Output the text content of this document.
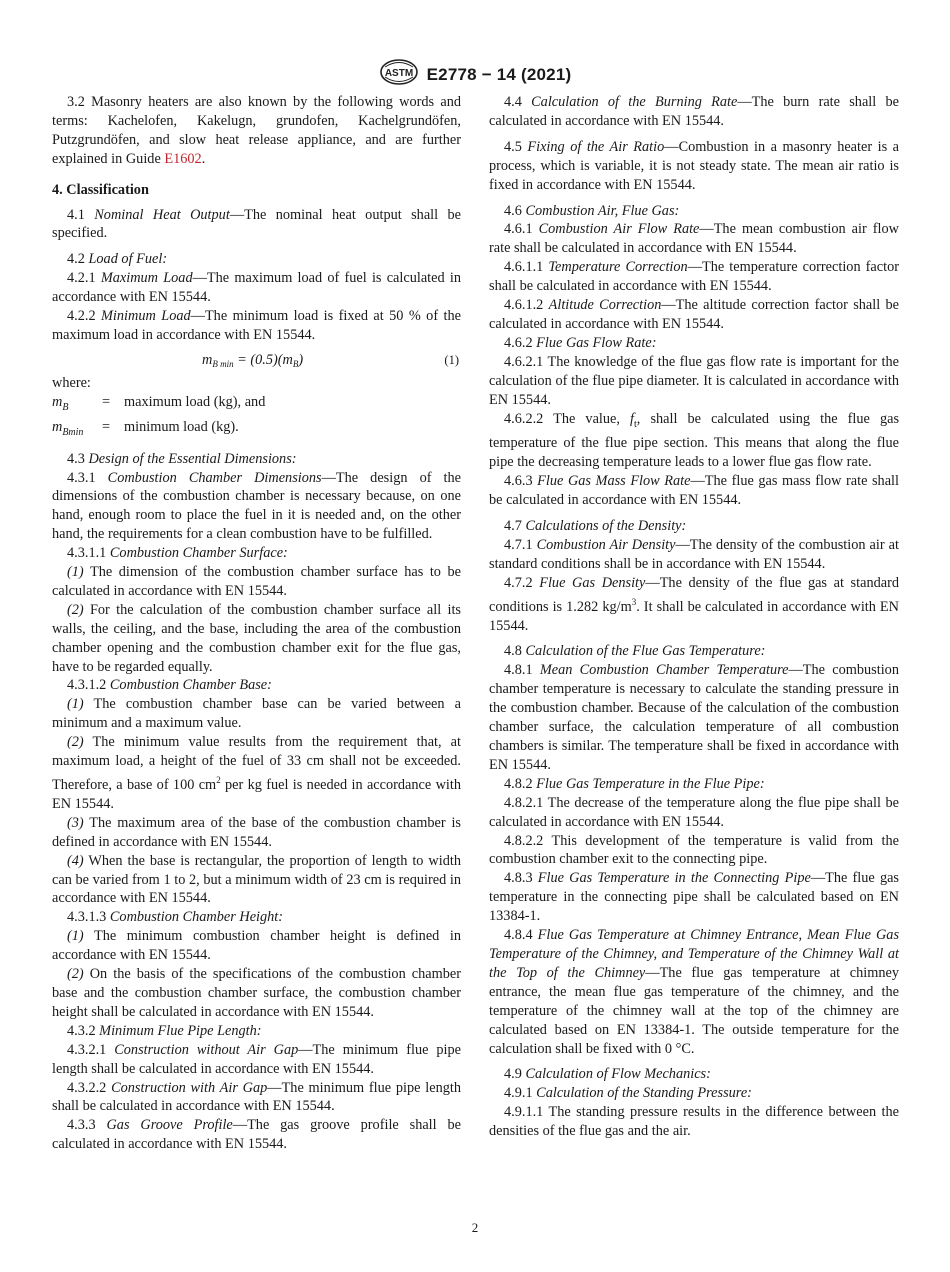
ASTM E2778 − 14 (2021)

3.2 Masonry heaters are also known by the following words and terms: Kachelofen, Kakelugn, grundofen, Kachelgrundöfen, Putzgrundöfen, and slow heat release appliance, and are further explained in Guide E1602.

4. Classification

4.1 Nominal Heat Output—The nominal heat output shall be specified.

4.2 Load of Fuel:

4.2.1 Maximum Load—The maximum load of fuel is calculated in accordance with EN 15544.

4.2.2 Minimum Load—The minimum load is fixed at 50 % of the maximum load in accordance with EN 15544.

$m_{B min} = (0.5)(m_B)$	(1)

where:

$m_B$	= maximum load (kg), and
$m_{Bmin}$	= minimum load (kg).

4.3 Design of the Essential Dimensions:

4.3.1 Combustion Chamber Dimensions—The design of the dimensions of the combustion chamber is necessary because, on one hand, enough room to place the fuel in it is needed and, on the other hand, the requirements for a clean combustion have to be fulfilled.

4.3.1.1 Combustion Chamber Surface:

(1) The dimension of the combustion chamber surface has to be calculated in accordance with EN 15544.

(2) For the calculation of the combustion chamber surface all its walls, the ceiling, and the base, including the area of the combustion chamber opening and the combustion chamber exit for the flue gas, have to be regarded equally.

4.3.1.2 Combustion Chamber Base:

(1) The combustion chamber base can be varied between a minimum and a maximum value.

(2) The minimum value results from the requirement that, at maximum load, a height of the fuel of 33 cm shall not be exceeded. Therefore, a base of 100 $cm^2$ per kg fuel is needed in accordance with EN 15544.

(3) The maximum area of the base of the combustion chamber is defined in accordance with EN 15544.

(4) When the base is rectangular, the proportion of length to width can be varied from 1 to 2, but a minimum width of 23 cm is required in accordance with EN 15544.

4.3.1.3 Combustion Chamber Height:

(1) The minimum combustion chamber height is defined in accordance with EN 15544.

(2) On the basis of the specifications of the combustion chamber base and the combustion chamber surface, the combustion chamber height shall be calculated in accordance with EN 15544.

4.3.2 Minimum Flue Pipe Length:

4.3.2.1 Construction without Air Gap—The minimum flue pipe length shall be calculated in accordance with EN 15544.

4.3.2.2 Construction with Air Gap—The minimum flue pipe length shall be calculated in accordance with EN 15544.

4.3.3 Gas Groove Profile—The gas groove profile shall be calculated in accordance with EN 15544.

4.4 Calculation of the Burning Rate—The burn rate shall be calculated in accordance with EN 15544.

4.5 Fixing of the Air Ratio—Combustion in a masonry heater is a process, which is variable, it is not steady state. The mean air ratio is fixed in accordance with EN 15544.

4.6 Combustion Air, Flue Gas:

4.6.1 Combustion Air Flow Rate—The mean combustion air flow rate shall be calculated in accordance with EN 15544.

4.6.1.1 Temperature Correction—The temperature correction factor shall be calculated in accordance with EN 15544.

4.6.1.2 Altitude Correction—The altitude correction factor shall be calculated in accordance with EN 15544.

4.6.2 Flue Gas Flow Rate:

4.6.2.1 The knowledge of the flue gas flow rate is important for the calculation of the flue pipe diameter. It is calculated in accordance with EN 15544.

4.6.2.2 The value, $f_t$, shall be calculated using the flue gas temperature of the flue pipe section. This means that along the flue pipe the decreasing temperature leads to a lower flue gas flow rate.

4.6.3 Flue Gas Mass Flow Rate—The flue gas mass flow rate shall be calculated in accordance with EN 15544.

4.7 Calculations of the Density:

4.7.1 Combustion Air Density—The density of the combustion air at standard conditions shall be in accordance with EN 15544.

4.7.2 Flue Gas Density—The density of the flue gas at standard conditions is 1.282 $kg/m^3$. It shall be calculated in accordance with EN 15544.

4.8 Calculation of the Flue Gas Temperature:

4.8.1 Mean Combustion Chamber Temperature—The combustion chamber temperature is necessary to calculate the standing pressure in the combustion chamber. Because of the calculation of the combustion chamber surface, the calculation temperature of all combustion chambers is similar. The temperature shall be fixed in accordance with EN 15544.

4.8.2 Flue Gas Temperature in the Flue Pipe:

4.8.2.1 The decrease of the temperature along the flue pipe shall be calculated in accordance with EN 15544.

4.8.2.2 This development of the temperature is valid from the combustion chamber exit to the connecting pipe.

4.8.3 Flue Gas Temperature in the Connecting Pipe—The flue gas temperature in the connecting pipe shall be calculated based on EN 13384-1.

4.8.4 Flue Gas Temperature at Chimney Entrance, Mean Flue Gas Temperature of the Chimney, and Temperature of the Chimney Wall at the Top of the Chimney—The flue gas temperature at chimney entrance, the mean flue gas temperature of the chimney, and the temperature of the chimney wall at the top of the chimney are calculated based on EN 13384-1. The outside temperature for the calculation shall be fixed with 0 °C.

4.9 Calculation of Flow Mechanics:

4.9.1 Calculation of the Standing Pressure:

4.9.1.1 The standing pressure results in the difference between the densities of the flue gas and the air.

2
